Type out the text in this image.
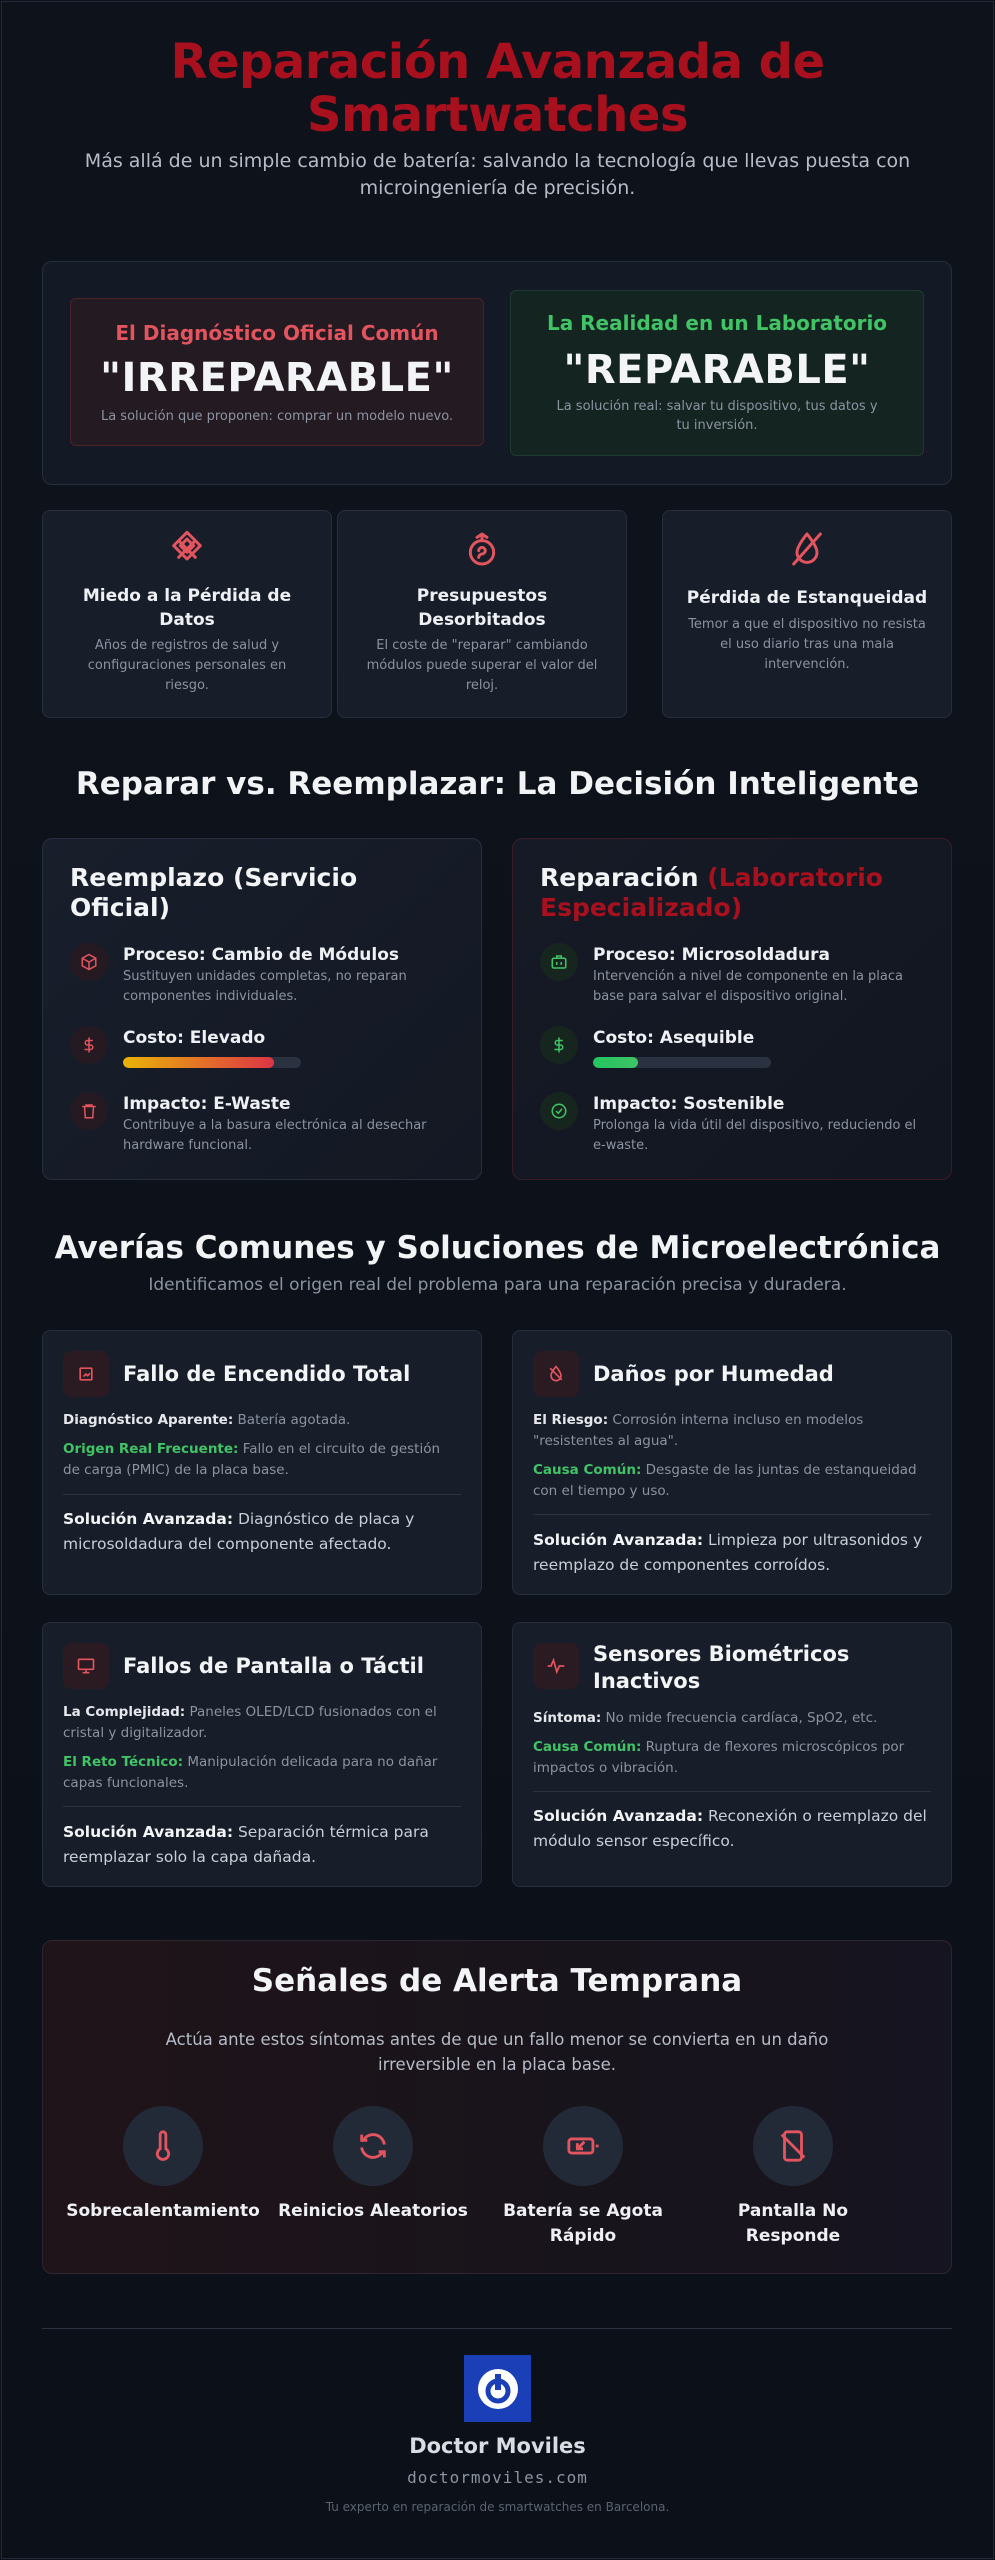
Reparación Avanzada de Smartwatches
Más allá de un simple cambio de batería: salvando la tecnología que llevas puesta con microingeniería de precisión.
El Diagnóstico Oficial Común
"IRREPARABLE"
La solución que proponen: comprar un modelo nuevo.
La Realidad en un Laboratorio
"REPARABLE"
La solución real: salvar tu dispositivo, tus datos y tu inversión.
Miedo a la Pérdida de Datos
Años de registros de salud y configuraciones personales en riesgo.
Presupuestos Desorbitados
El coste de "reparar" cambiando módulos puede superar el valor del reloj.
Pérdida de Estanqueidad
Temor a que el dispositivo no resista el uso diario tras una mala intervención.
Reparar vs. Reemplazar: La Decisión Inteligente
Reemplazo (Servicio Oficial)
Proceso: Cambio de Módulos
Sustituyen unidades completas, no reparan componentes individuales.
Costo: Elevado
Impacto: E-Waste
Contribuye a la basura electrónica al desechar hardware funcional.
Reparación (Laboratorio Especializado)
Proceso: Microsoldadura
Intervención a nivel de componente en la placa base para salvar el dispositivo original.
Costo: Asequible
Impacto: Sostenible
Prolonga la vida útil del dispositivo, reduciendo el e-waste.
Averías Comunes y Soluciones de Microelectrónica
Identificamos el origen real del problema para una reparación precisa y duradera.
Fallo de Encendido Total
Diagnóstico Aparente: Batería agotada.
Origen Real Frecuente: Fallo en el circuito de gestión de carga (PMIC) de la placa base.
Solución Avanzada: Diagnóstico de placa y microsoldadura del componente afectado.
Daños por Humedad
El Riesgo: Corrosión interna incluso en modelos "resistentes al agua".
Causa Común: Desgaste de las juntas de estanqueidad con el tiempo y uso.
Solución Avanzada: Limpieza por ultrasonidos y reemplazo de componentes corroídos.
Fallos de Pantalla o Táctil
La Complejidad: Paneles OLED/LCD fusionados con el cristal y digitalizador.
El Reto Técnico: Manipulación delicada para no dañar capas funcionales.
Solución Avanzada: Separación térmica para reemplazar solo la capa dañada.
Sensores Biométricos Inactivos
Síntoma: No mide frecuencia cardíaca, SpO2, etc.
Causa Común: Ruptura de flexores microscópicos por impactos o vibración.
Solución Avanzada: Reconexión o reemplazo del módulo sensor específico.
Señales de Alerta Temprana
Actúa ante estos síntomas antes de que un fallo menor se convierta en un daño irreversible en la placa base.
Sobrecalentamiento Reinicios Aleatorios	Batería se Agota Rápido
Pantalla No Responde
Doctor Moviles
doctormoviles.com
Tu experto en reparación de smartwatches en Barcelona.
